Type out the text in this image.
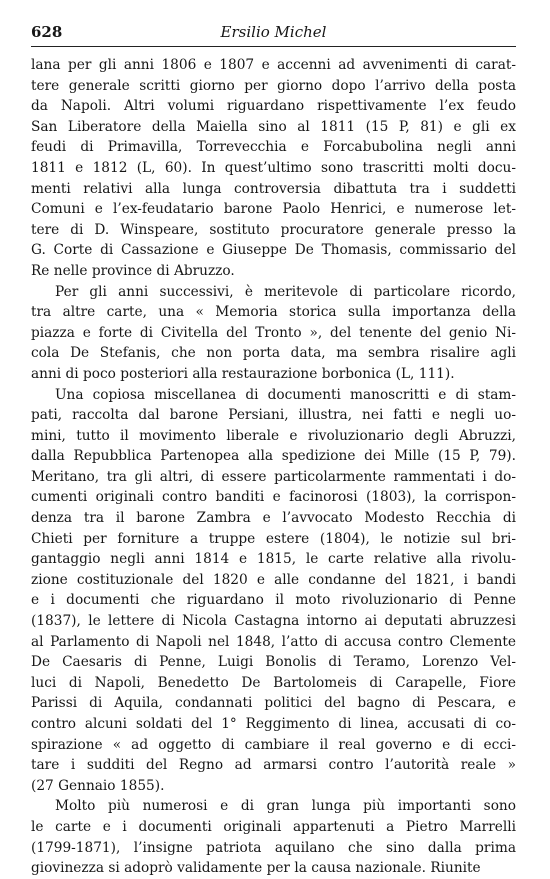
628	Ersilio Michel
lana per gli anni 1806 e 1807 e accenni ad avvenimenti di carat-
tere generale scritti giorno per giorno dopo l’arrivo della posta
da Napoli. Altri volumi riguardano rispettivamente l’ex feudo
San Liberatore della Maiella sino al 1811 (15 P, 81) e gli ex
feudi di Primavilla, Torrevecchia e Forcabubolina negli anni
1811 e 1812 (L, 60). In quest’ultimo sono trascritti molti docu-
menti relativi alla lunga controversia dibattuta tra i suddetti
Comuni e l’ex-feudatario barone Paolo Henrici, e numerose let-
tere di D. Winspeare, sostituto procuratore generale presso la
G. Corte di Cassazione e Giuseppe De Thomasis, commissario del
Re nelle province di Abruzzo.
Per gli anni successivi, è meritevole di particolare ricordo,
tra altre carte, una « Memoria storica sulla importanza della
piazza e forte di Civitella del Tronto », del tenente del genio Ni-
cola De Stefanis, che non porta data, ma sembra risalire agli
anni di poco posteriori alla restaurazione borbonica (L, 111).
Una copiosa miscellanea di documenti manoscritti e di stam-
pati, raccolta dal barone Persiani, illustra, nei fatti e negli uo-
mini, tutto il movimento liberale e rivoluzionario degli Abruzzi,
dalla Repubblica Partenopea alla spedizione dei Mille (15 P, 79).
Meritano, tra gli altri, di essere particolarmente rammentati i do-
cumenti originali contro banditi e facinorosi (1803), la corrispon-
denza tra il barone Zambra e l’avvocato Modesto Recchia di
Chieti per forniture a truppe estere (1804), le notizie sul bri-
gantaggio negli anni 1814 e 1815, le carte relative alla rivolu-
zione costituzionale del 1820 e alle condanne del 1821, i bandi
e i documenti che riguardano il moto rivoluzionario di Penne
(1837), le lettere di Nicola Castagna intorno ai deputati abruzzesi
al Parlamento di Napoli nel 1848, l’atto di accusa contro Clemente
De Caesaris di Penne, Luigi Bonolis di Teramo, Lorenzo Vel-
luci di Napoli, Benedetto De Bartolomeis di Carapelle, Fiore
Parissi di Aquila, condannati politici del bagno di Pescara, e
contro alcuni soldati del 1° Reggimento di linea, accusati di co-
spirazione « ad oggetto di cambiare il real governo e di ecci-
tare i sudditi del Regno ad armarsi contro l’autorità reale »
(27 Gennaio 1855).
Molto più numerosi e di gran lunga più importanti sono
le carte e i documenti originali appartenuti a Pietro Marrelli
(1799-1871), l’insigne patriota aquilano che sino dalla prima
giovinezza si adoprò validamente per la causa nazionale. Riunite
